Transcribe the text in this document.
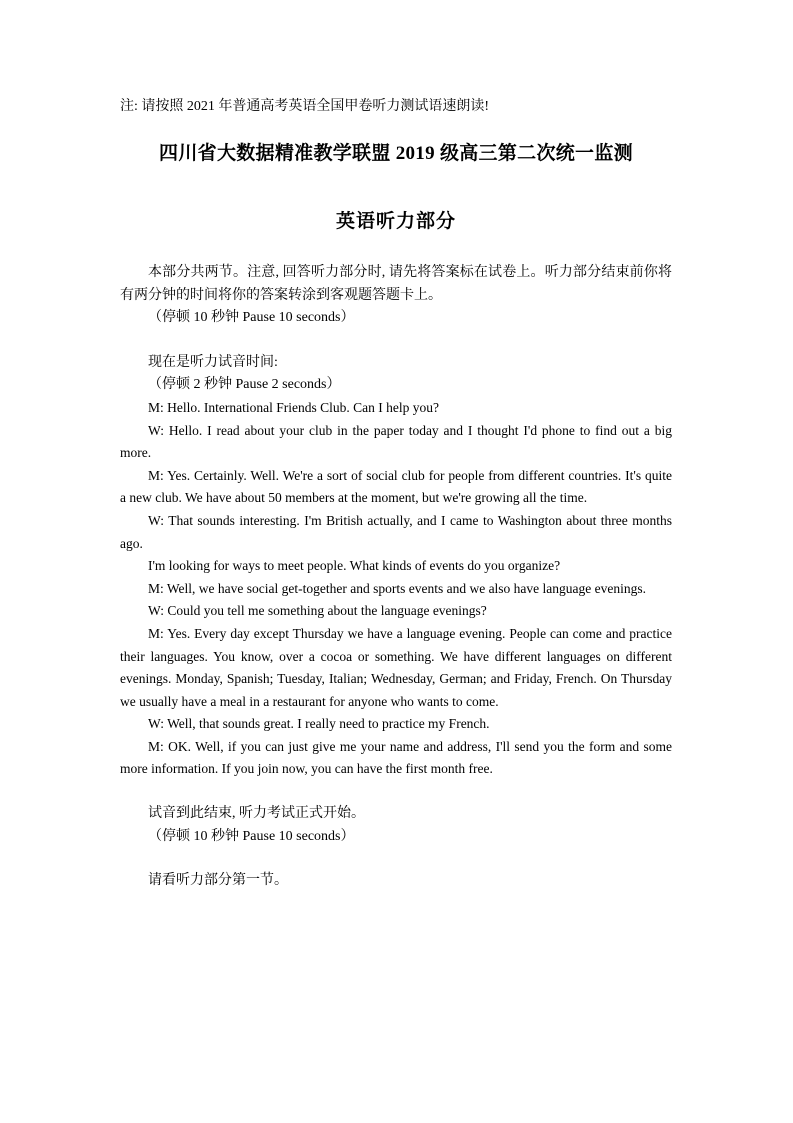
注: 请按照 2021 年普通高考英语全国甲卷听力测试语速朗读!

四川省大数据精准教学联盟 2019 级高三第二次统一监测
英语听力部分

本部分共两节。注意, 回答听力部分时, 请先将答案标在试卷上。听力部分结束前你将有两分钟的时间将你的答案转涂到客观题答题卡上。

（停顿 10 秒钟 Pause 10 seconds）

现在是听力试音时间:

（停顿 2 秒钟 Pause 2 seconds）

M: Hello. International Friends Club. Can I help you?

W: Hello. I read about your club in the paper today and I thought I'd phone to find out a big more.

M: Yes. Certainly. Well. We're a sort of social club for people from different countries. It's quite a new club. We have about 50 members at the moment, but we're growing all the time.

W: That sounds interesting. I'm British actually, and I came to Washington about three months ago.

I'm looking for ways to meet people. What kinds of events do you organize?

M: Well, we have social get-together and sports events and we also have language evenings.

W: Could you tell me something about the language evenings?

M: Yes. Every day except Thursday we have a language evening. People can come and practice their languages. You know, over a cocoa or something. We have different languages on different evenings. Monday, Spanish; Tuesday, Italian; Wednesday, German; and Friday, French. On Thursday we usually have a meal in a restaurant for anyone who wants to come.

W: Well, that sounds great. I really need to practice my French.

M: OK. Well, if you can just give me your name and address, I'll send you the form and some more information. If you join now, you can have the first month free.

试音到此结束, 听力考试正式开始。

（停顿 10 秒钟 Pause 10 seconds）

请看听力部分第一节。
